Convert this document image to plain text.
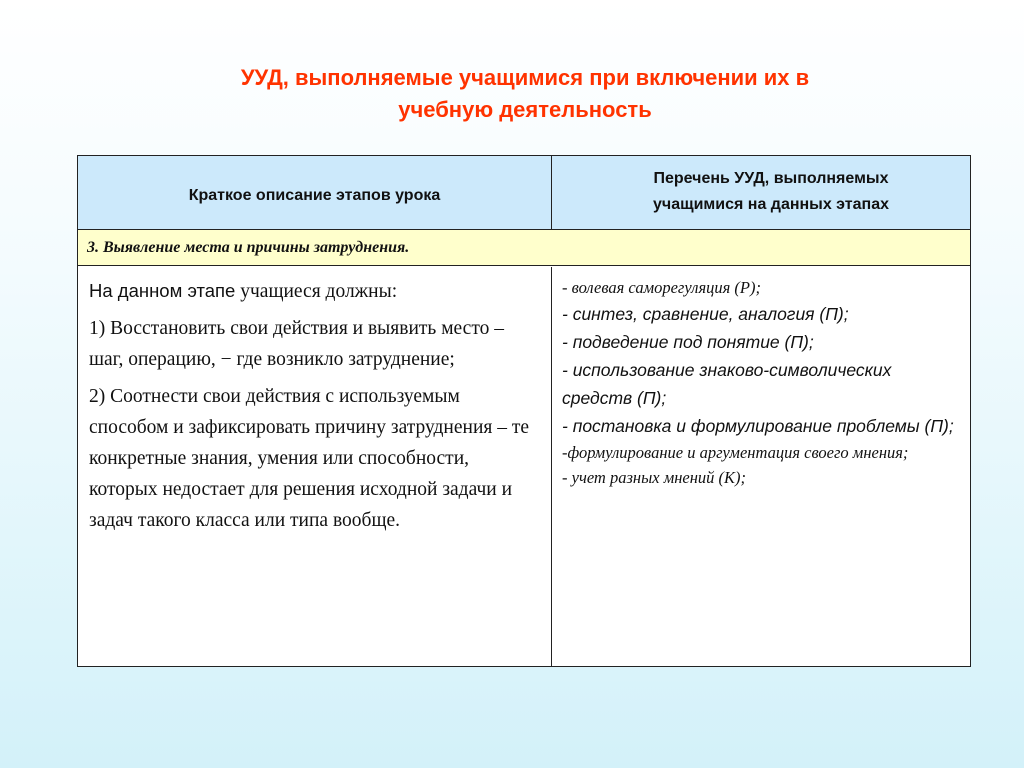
УУД, выполняемые учащимися при включении их в
учебную деятельность
Краткое описание этапов урока
Перечень УУД, выполняемых
учащимися на данных этапах
3. Выявление места и причины затруднения.

На данном этапе учащиеся должны:

1) Восстановить свои действия и выявить место – шаг, операцию, − где возникло затруднение;

2) Соотнести свои действия с используемым способом и зафиксировать причину затруднения – те конкретные знания, умения или способности, которых недостает для решения исходной задачи и задач такого класса или типа вообще.

- волевая саморегуляция (Р);
- синтез, сравнение, аналогия (П);
- подведение под понятие (П);
- использование знаково-символических средств (П);
- постановка и формулирование проблемы (П);
-формулирование и аргументация своего мнения;
- учет разных мнений (К);
